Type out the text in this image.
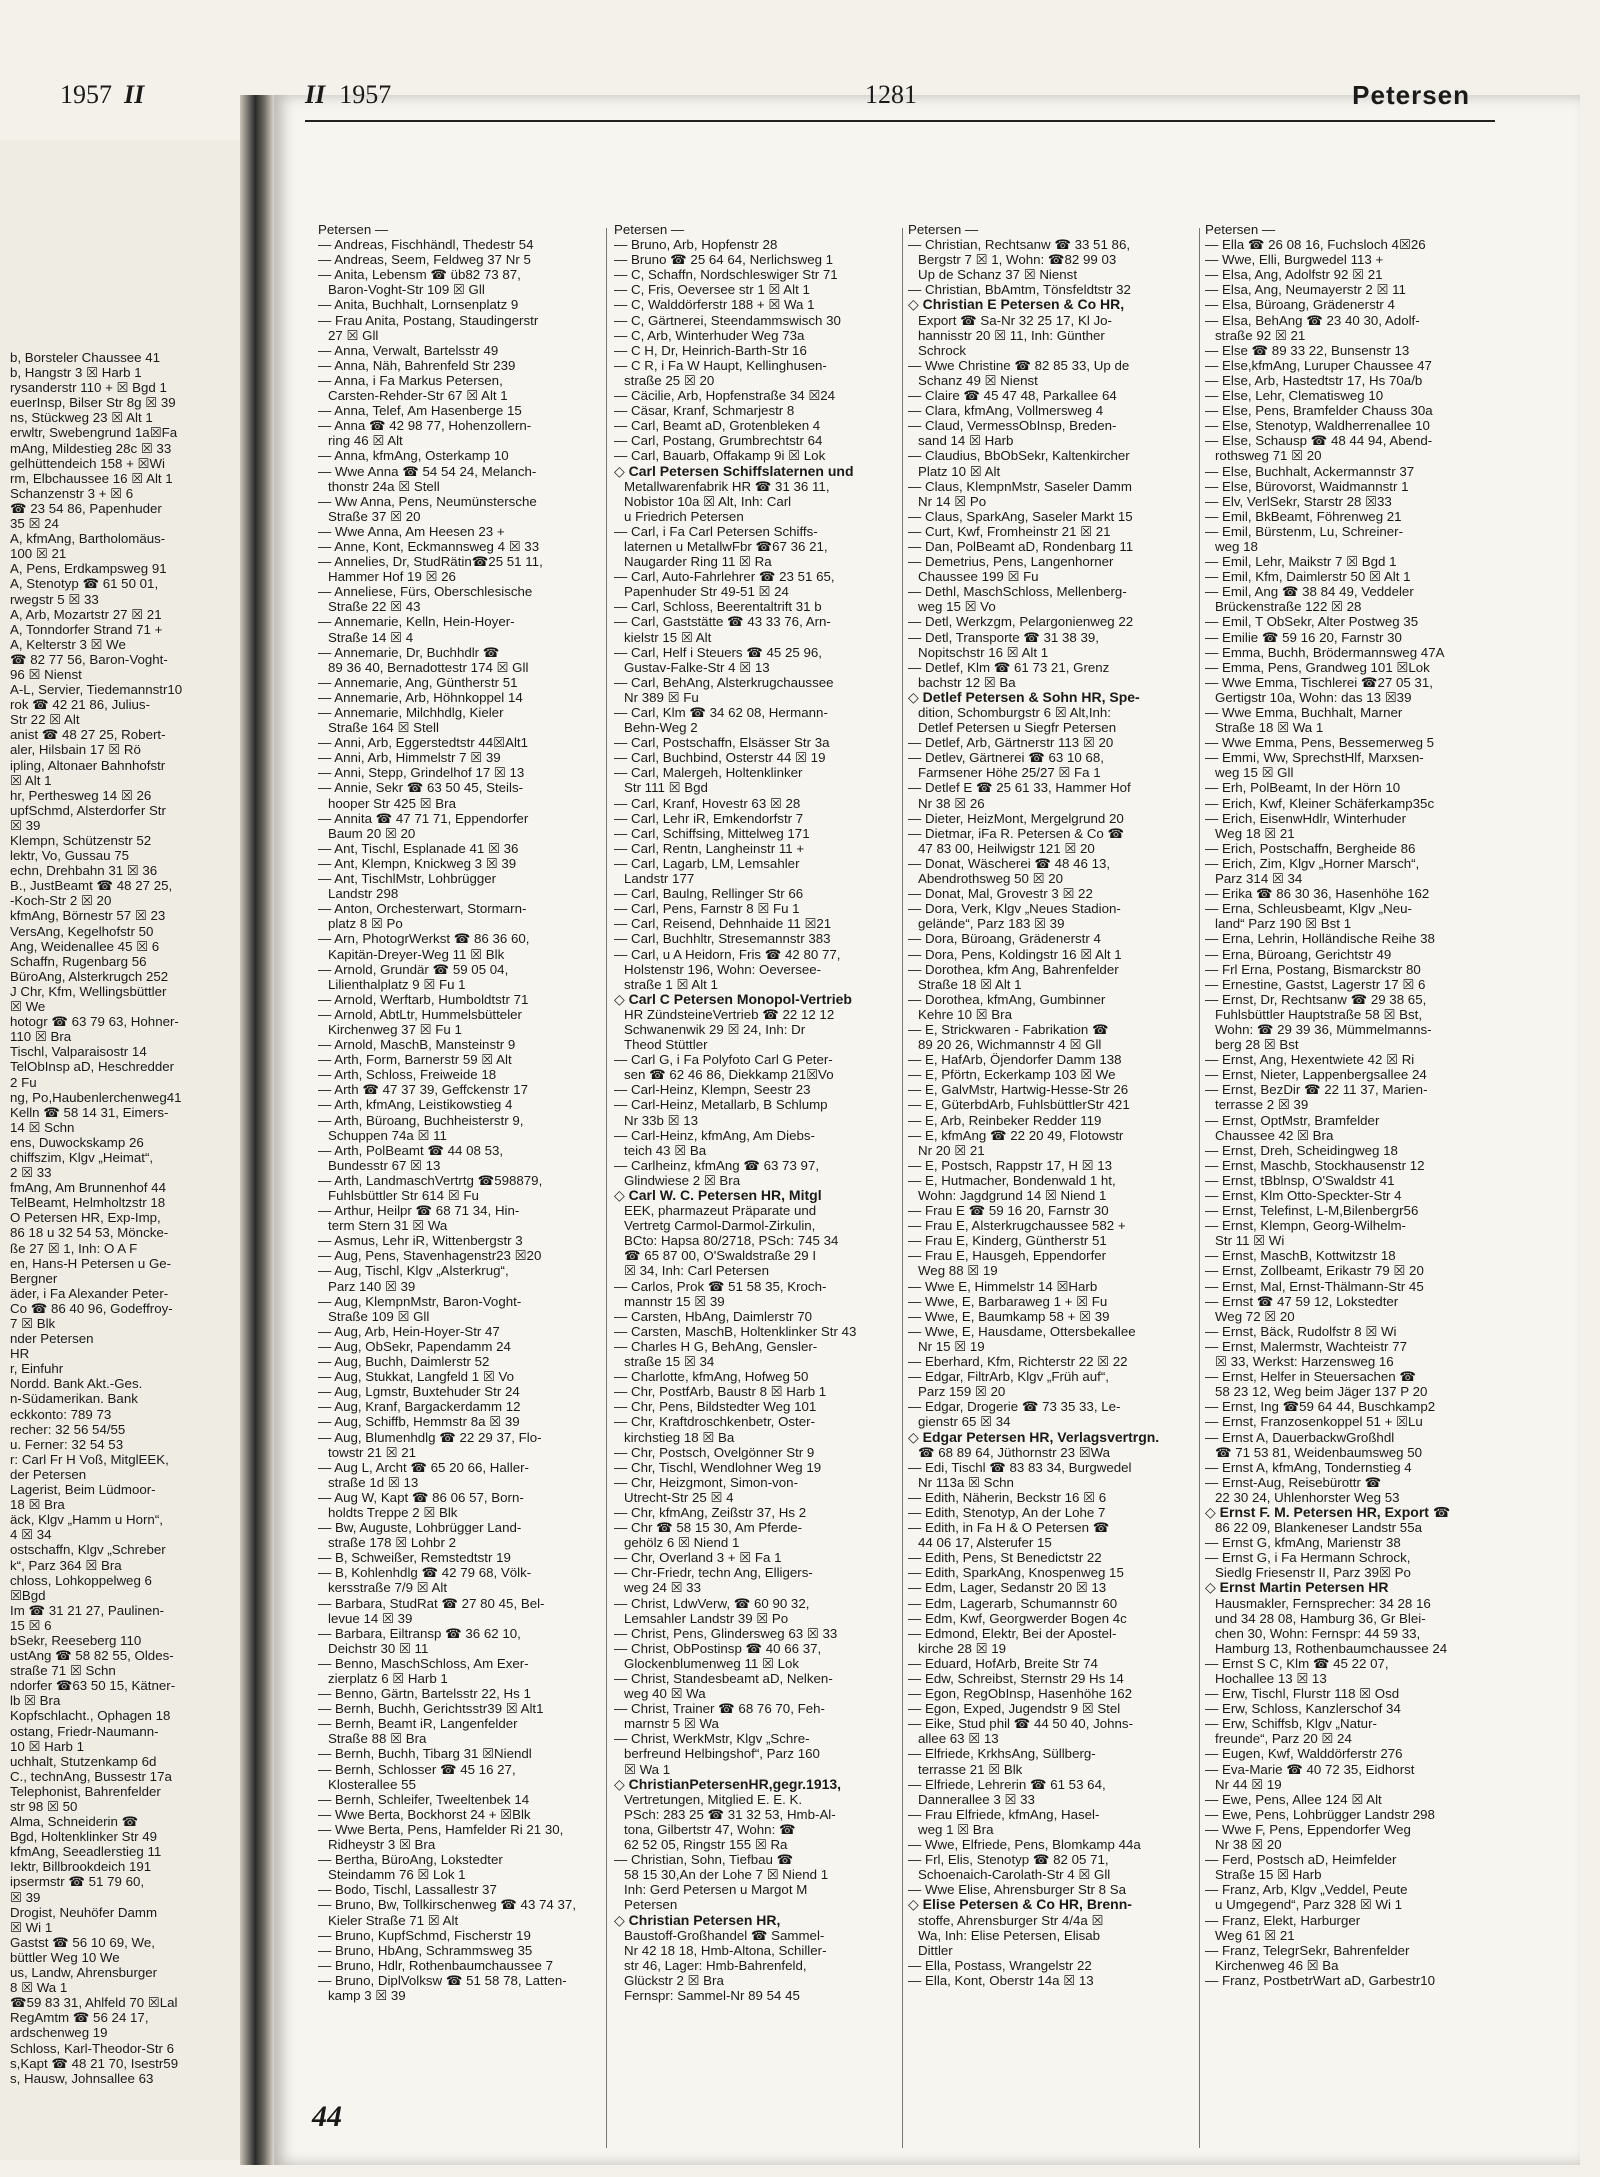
b, Borsteler Chaussee 41
b, Hangstr 3 ☒ Harb 1
rysanderstr 110 + ☒ Bgd 1
euerInsp, Bilser Str 8g ☒ 39
ns, Stückweg 23 ☒ Alt 1
erwltr, Swebengrund 1a☒Fa
mAng, Mildestieg 28c ☒ 33
gelhüttendeich 158 + ☒Wi
rm, Elbchaussee 16 ☒ Alt 1
Schanzenstr 3 + ☒ 6
☎ 23 54 86, Papenhuder
35 ☒ 24
A, kfmAng, Bartholomäus-
100 ☒ 21
A, Pens, Erdkampsweg 91
A, Stenotyp ☎ 61 50 01,
rwegstr 5 ☒ 33
A, Arb, Mozartstr 27 ☒ 21
A, Tonndorfer Strand 71 +
A, Kelterstr 3 ☒ We
☎ 82 77 56, Baron-Voght-
96 ☒ Nienst
A-L, Servier, Tiedemannstr10
rok ☎ 42 21 86, Julius-
Str 22 ☒ Alt
anist ☎ 48 27 25, Robert-
aler, Hilsbain 17 ☒ Rö
ipling, Altonaer Bahnhofstr
☒ Alt 1
hr, Perthesweg 14 ☒ 26
upfSchmd, Alsterdorfer Str
☒ 39
Klempn, Schützenstr 52
lektr, Vo, Gussau 75
echn, Drehbahn 31 ☒ 36
B., JustBeamt ☎ 48 27 25,
-Koch-Str 2 ☒ 20
kfmAng, Börnestr 57 ☒ 23
VersAng, Kegelhofstr 50
Ang, Weidenallee 45 ☒ 6
Schaffn, Rugenbarg 56
BüroAng, Alsterkrugch 252
J Chr, Kfm, Wellingsbüttler
☒ We
hotogr ☎ 63 79 63, Hohner-
110 ☒ Bra
Tischl, Valparaisostr 14
TelObInsp aD, Heschredder
2 Fu
ng, Po,Haubenlerchenweg41
Kelln ☎ 58 14 31, Eimers-
14 ☒ Schn
ens, Duwockskamp 26
chiffszim, Klgv „Heimat“,
2 ☒ 33
fmAng, Am Brunnenhof 44
TelBeamt, Helmholtzstr 18
O Petersen HR, Exp-Imp,
86 18 u 32 54 53, Möncke-
ße 27 ☒ 1, Inh: O A F
en, Hans-H Petersen u Ge-
Bergner
äder, i Fa Alexander Peter-
Co ☎ 86 40 96, Godeffroy-
7 ☒ Blk
nder Petersen
HR
r, Einfuhr
Nordd. Bank Akt.-Ges.
n-Südamerikan. Bank
eckkonto: 789 73
recher: 32 56 54/55
u. Ferner: 32 54 53
r: Carl Fr H Voß, MitglEEK,
der Petersen
Lagerist, Beim Lüdmoor-
18 ☒ Bra
äck, Klgv „Hamm u Horn“,
4 ☒ 34
ostschaffn, Klgv „Schreber
k“, Parz 364 ☒ Bra
chloss, Lohkoppelweg 6
☒Bgd
Im ☎ 31 21 27, Paulinen-
15 ☒ 6
bSekr, Reeseberg 110
ustAng ☎ 58 82 55, Oldes-
straße 71 ☒ Schn
ndorfer ☎63 50 15, Kätner-
lb ☒ Bra
Kopfschlacht., Ophagen 18
ostang, Friedr-Naumann-
10 ☒ Harb 1
uchhalt, Stutzenkamp 6d
C., technAng, Bussestr 17a
Telephonist, Bahrenfelder
str 98 ☒ 50
Alma, Schneiderin ☎
Bgd, Holtenklinker Str 49
kfmAng, Seeadlerstieg 11
Iektr, Billbrookdeich 191
ipsermstr ☎ 51 79 60,
☒ 39
Drogist, Neuhöfer Damm
☒ Wi 1
Gastst ☎ 56 10 69, We,
büttler Weg 10 We
us, Landw, Ahrensburger
8 ☒ Wa 1
☎59 83 31, Ahlfeld 70 ☒Lal
RegAmtm ☎ 56 24 17,
ardschenweg 19
Schloss, Karl-Theodor-Str 6
s,Kapt ☎ 48 21 70, Isestr59
s, Hausw, Johnsallee 63
1957 II	II 1957	1281	Petersen
Petersen —
— Andreas, Fischhändl, Thedestr 54
— Andreas, Seem, Feldweg 37 Nr 5
— Anita, Lebensm ☎ üb82 73 87,
Baron-Voght-Str 109 ☒ Gll
— Anita, Buchhalt, Lornsenplatz 9
— Frau Anita, Postang, Staudingerstr
27 ☒ Gll
— Anna, Verwalt, Bartelsstr 49
— Anna, Näh, Bahrenfeld Str 239
— Anna, i Fa Markus Petersen,
Carsten-Rehder-Str 67 ☒ Alt 1
— Anna, Telef, Am Hasenberge 15
— Anna ☎ 42 98 77, Hohenzollern-
ring 46 ☒ Alt
— Anna, kfmAng, Osterkamp 10
— Wwe Anna ☎ 54 54 24, Melanch-
thonstr 24a ☒ Stell
— Ww Anna, Pens, Neumünstersche
Straße 37 ☒ 20
— Wwe Anna, Am Heesen 23 +
— Anne, Kont, Eckmannsweg 4 ☒ 33
— Annelies, Dr, StudRätin☎25 51 11,
Hammer Hof 19 ☒ 26
— Anneliese, Fürs, Oberschlesische
Straße 22 ☒ 43
— Annemarie, Kelln, Hein-Hoyer-
Straße 14 ☒ 4
— Annemarie, Dr, Buchhdlr ☎
89 36 40, Bernadottestr 174 ☒ Gll
— Annemarie, Ang, Güntherstr 51
— Annemarie, Arb, Höhnkoppel 14
— Annemarie, Milchhdlg, Kieler
Straße 164 ☒ Stell
— Anni, Arb, Eggerstedtstr 44☒Alt1
— Anni, Arb, Himmelstr 7 ☒ 39
— Anni, Stepp, Grindelhof 17 ☒ 13
— Annie, Sekr ☎ 63 50 45, Steils-
hooper Str 425 ☒ Bra
— Annita ☎ 47 71 71, Eppendorfer
Baum 20 ☒ 20
— Ant, Tischl, Esplanade 41 ☒ 36
— Ant, Klempn, Knickweg 3 ☒ 39
— Ant, TischlMstr, Lohbrügger
Landstr 298
— Anton, Orchesterwart, Stormarn-
platz 8 ☒ Po
— Arn, PhotogrWerkst ☎ 86 36 60,
Kapitän-Dreyer-Weg 11 ☒ Blk
— Arnold, Grundär ☎ 59 05 04,
Lilienthalplatz 9 ☒ Fu 1
— Arnold, Werftarb, Humboldtstr 71
— Arnold, AbtLtr, Hummelsbütteler
Kirchenweg 37 ☒ Fu 1
— Arnold, MaschB, Mansteinstr 9
— Arth, Form, Barnerstr 59 ☒ Alt
— Arth, Schloss, Freiweide 18
— Arth ☎ 47 37 39, Geffckenstr 17
— Arth, kfmAng, Leistikowstieg 4
— Arth, Büroang, Buchheisterstr 9,
Schuppen 74a ☒ 11
— Arth, PolBeamt ☎ 44 08 53,
Bundesstr 67 ☒ 13
— Arth, LandmaschVertrtg ☎598879,
Fuhlsbüttler Str 614 ☒ Fu
— Arthur, Heilpr ☎ 68 71 34, Hin-
term Stern 31 ☒ Wa
— Asmus, Lehr iR, Wittenbergstr 3
— Aug, Pens, Stavenhagenstr23 ☒20
— Aug, Tischl, Klgv „Alsterkrug“,
Parz 140 ☒ 39
— Aug, KlempnMstr, Baron-Voght-
Straße 109 ☒ Gll
— Aug, Arb, Hein-Hoyer-Str 47
— Aug, ObSekr, Papendamm 24
— Aug, Buchh, Daimlerstr 52
— Aug, Stukkat, Langfeld 1 ☒ Vo
— Aug, Lgmstr, Buxtehuder Str 24
— Aug, Kranf, Bargackerdamm 12
— Aug, Schiffb, Hemmstr 8a ☒ 39
— Aug, Blumenhdlg ☎ 22 29 37, Flo-
towstr 21 ☒ 21
— Aug L, Archt ☎ 65 20 66, Haller-
straße 1d ☒ 13
— Aug W, Kapt ☎ 86 06 57, Born-
holdts Treppe 2 ☒ Blk
— Bw, Auguste, Lohbrügger Land-
straße 178 ☒ Lohbr 2
— B, Schweißer, Remstedtstr 19
— B, Kohlenhdlg ☎ 42 79 68, Völk-
kersstraße 7/9 ☒ Alt
— Barbara, StudRat ☎ 27 80 45, Bel-
levue 14 ☒ 39
— Barbara, Eiltransp ☎ 36 62 10,
Deichstr 30 ☒ 11
— Benno, MaschSchloss, Am Exer-
zierplatz 6 ☒ Harb 1
— Benno, Gärtn, Bartelsstr 22, Hs 1
— Bernh, Buchh, Gerichtsstr39 ☒ Alt1
— Bernh, Beamt iR, Langenfelder
Straße 88 ☒ Bra
— Bernh, Buchh, Tibarg 31 ☒Niendl
— Bernh, Schlosser ☎ 45 16 27,
Klosterallee 55
— Bernh, Schleifer, Tweeltenbek 14
— Wwe Berta, Bockhorst 24 + ☒Blk
— Wwe Berta, Pens, Hamfelder Ri 21 30,
Ridheystr 3 ☒ Bra
— Bertha, BüroAng, Lokstedter
Steindamm 76 ☒ Lok 1
— Bodo, Tischl, Lassallestr 37
— Bruno, Bw, Tollkirschenweg ☎ 43 74 37,
Kieler Straße 71 ☒ Alt
— Bruno, KupfSchmd, Fischerstr 19
— Bruno, HbAng, Schrammsweg 35
— Bruno, Hdlr, Rothenbaumchaussee 7
— Bruno, DiplVolksw ☎ 51 58 78, Latten-
kamp 3 ☒ 39
Petersen —
— Bruno, Arb, Hopfenstr 28
— Bruno ☎ 25 64 64, Nerlichsweg 1
— C, Schaffn, Nordschleswiger Str 71
— C, Fris, Oeversee str 1 ☒ Alt 1
— C, Walddörferstr 188 + ☒ Wa 1
— C, Gärtnerei, Steendammswisch 30
— C, Arb, Winterhuder Weg 73a
— C H, Dr, Heinrich-Barth-Str 16
— C R, i Fa W Haupt, Kellinghusen-
straße 25 ☒ 20
— Cäcilie, Arb, Hopfenstraße 34 ☒24
— Cäsar, Kranf, Schmarjestr 8
— Carl, Beamt aD, Grotenbleken 4
— Carl, Postang, Grumbrechtstr 64
— Carl, Bauarb, Offakamp 9i ☒ Lok
◇ Carl Petersen Schiffslaternen und
Metallwarenfabrik HR ☎ 31 36 11,
Nobistor 10a ☒ Alt, Inh: Carl
u Friedrich Petersen
— Carl, i Fa Carl Petersen Schiffs-
laternen u MetallwFbr ☎67 36 21,
Naugarder Ring 11 ☒ Ra
— Carl, Auto-Fahrlehrer ☎ 23 51 65,
Papenhuder Str 49-51 ☒ 24
— Carl, Schloss, Beerentaltrift 31 b
— Carl, Gaststätte ☎ 43 33 76, Arn-
kielstr 15 ☒ Alt
— Carl, Helf i Steuers ☎ 45 25 96,
Gustav-Falke-Str 4 ☒ 13
— Carl, BehAng, Alsterkrugchaussee
Nr 389 ☒ Fu
— Carl, Klm ☎ 34 62 08, Hermann-
Behn-Weg 2
— Carl, Postschaffn, Elsässer Str 3a
— Carl, Buchbind, Osterstr 44 ☒ 19
— Carl, Malergeh, Holtenklinker
Str 111 ☒ Bgd
— Carl, Kranf, Hovestr 63 ☒ 28
— Carl, Lehr iR, Emkendorfstr 7
— Carl, Schiffsing, Mittelweg 171
— Carl, Rentn, Langheinstr 11 +
— Carl, Lagarb, LM, Lemsahler
Landstr 177
— Carl, Baulng, Rellinger Str 66
— Carl, Pens, Farnstr 8 ☒ Fu 1
— Carl, Reisend, Dehnhaide 11 ☒21
— Carl, Buchhltr, Stresemannstr 383
— Carl, u A Heidorn, Fris ☎ 42 80 77,
Holstenstr 196, Wohn: Oeversee-
straße 1 ☒ Alt 1
◇ Carl C Petersen Monopol-Vertrieb
HR ZündsteineVertrieb ☎ 22 12 12
Schwanenwik 29 ☒ 24, Inh: Dr
Theod Stüttler
— Carl G, i Fa Polyfoto Carl G Peter-
sen ☎ 62 46 86, Diekkamp 21☒Vo
— Carl-Heinz, Klempn, Seestr 23
— Carl-Heinz, Metallarb, B Schlump
Nr 33b ☒ 13
— Carl-Heinz, kfmAng, Am Diebs-
teich 43 ☒ Ba
— Carlheinz, kfmAng ☎ 63 73 97,
Glindwiese 2 ☒ Bra
◇ Carl W. C. Petersen HR, Mitgl
EEK, pharmazeut Präparate und
Vertretg Carmol-Darmol-Zirkulin,
BCto: Hapsa 80/2718, PSch: 745 34
☎ 65 87 00, O'Swaldstraße 29 I
☒ 34, Inh: Carl Petersen
— Carlos, Prok ☎ 51 58 35, Kroch-
mannstr 15 ☒ 39
— Carsten, HbAng, Daimlerstr 70
— Carsten, MaschB, Holtenklinker Str 43
— Charles H G, BehAng, Gensler-
straße 15 ☒ 34
— Charlotte, kfmAng, Hofweg 50
— Chr, PostfArb, Baustr 8 ☒ Harb 1
— Chr, Pens, Bildstedter Weg 101
— Chr, Kraftdroschkenbetr, Oster-
kirchstieg 18 ☒ Ba
— Chr, Postsch, Ovelgönner Str 9
— Chr, Tischl, Wendlohner Weg 19
— Chr, Heizgmont, Simon-von-
Utrecht-Str 25 ☒ 4
— Chr, kfmAng, Zeißstr 37, Hs 2
— Chr ☎ 58 15 30, Am Pferde-
gehölz 6 ☒ Niend 1
— Chr, Overland 3 + ☒ Fa 1
— Chr-Friedr, techn Ang, Elligers-
weg 24 ☒ 33
— Christ, LdwVerw, ☎ 60 90 32,
Lemsahler Landstr 39 ☒ Po
— Christ, Pens, Glindersweg 63 ☒ 33
— Christ, ObPostinsp ☎ 40 66 37,
Glockenblumenweg 11 ☒ Lok
— Christ, Standesbeamt aD, Nelken-
weg 40 ☒ Wa
— Christ, Trainer ☎ 68 76 70, Feh-
marnstr 5 ☒ Wa
— Christ, WerkMstr, Klgv „Schre-
berfreund Helbingshof“, Parz 160
☒ Wa 1
◇ ChristianPetersenHR,gegr.1913,
Vertretungen, Mitglied E. E. K.
PSch: 283 25 ☎ 31 32 53, Hmb-Al-
tona, Gilbertstr 47, Wohn: ☎
62 52 05, Ringstr 155 ☒ Ra
— Christian, Sohn, Tiefbau ☎
58 15 30,An der Lohe 7 ☒ Niend 1
Inh: Gerd Petersen u Margot M
Petersen
◇ Christian Petersen HR,
Baustoff-Großhandel ☎ Sammel-
Nr 42 18 18, Hmb-Altona, Schiller-
str 46, Lager: Hmb-Bahrenfeld,
Glückstr 2 ☒ Bra
Fernspr: Sammel-Nr 89 54 45
Petersen —
— Christian, Rechtsanw ☎ 33 51 86,
Bergstr 7 ☒ 1, Wohn: ☎82 99 03
Up de Schanz 37 ☒ Nienst
— Christian, BbAmtm, Tönsfeldtstr 32
◇ Christian E Petersen & Co HR,
Export ☎ Sa-Nr 32 25 17, Kl Jo-
hannisstr 20 ☒ 11, Inh: Günther
Schrock
— Wwe Christine ☎ 82 85 33, Up de
Schanz 49 ☒ Nienst
— Claire ☎ 45 47 48, Parkallee 64
— Clara, kfmAng, Vollmersweg 4
— Claud, VermessObInsp, Breden-
sand 14 ☒ Harb
— Claudius, BbObSekr, Kaltenkircher
Platz 10 ☒ Alt
— Claus, KlempnMstr, Saseler Damm
Nr 14 ☒ Po
— Claus, SparkAng, Saseler Markt 15
— Curt, Kwf, Fromheinstr 21 ☒ 21
— Dan, PolBeamt aD, Rondenbarg 11
— Demetrius, Pens, Langenhorner
Chaussee 199 ☒ Fu
— Dethl, MaschSchloss, Mellenberg-
weg 15 ☒ Vo
— Detl, Werkzgm, Pelargonienweg 22
— Detl, Transporte ☎ 31 38 39,
Nopitschstr 16 ☒ Alt 1
— Detlef, Klm ☎ 61 73 21, Grenz
bachstr 12 ☒ Ba
◇ Detlef Petersen & Sohn HR, Spe-
dition, Schomburgstr 6 ☒ Alt,Inh:
Detlef Petersen u Siegfr Petersen
— Detlef, Arb, Gärtnerstr 113 ☒ 20
— Detlev, Gärtnerei ☎ 63 10 68,
Farmsener Höhe 25/27 ☒ Fa 1
— Detlef E ☎ 25 61 33, Hammer Hof
Nr 38 ☒ 26
— Dieter, HeizMont, Mergelgrund 20
— Dietmar, iFa R. Petersen & Co ☎
47 83 00, Heilwigstr 121 ☒ 20
— Donat, Wäscherei ☎ 48 46 13,
Abendrothsweg 50 ☒ 20
— Donat, Mal, Grovestr 3 ☒ 22
— Dora, Verk, Klgv „Neues Stadion-
gelände“, Parz 183 ☒ 39
— Dora, Büroang, Grädenerstr 4
— Dora, Pens, Koldingstr 16 ☒ Alt 1
— Dorothea, kfm Ang, Bahrenfelder
Straße 18 ☒ Alt 1
— Dorothea, kfmAng, Gumbinner
Kehre 10 ☒ Bra
— E, Strickwaren - Fabrikation ☎
89 20 26, Wichmannstr 4 ☒ Gll
— E, HafArb, Öjendorfer Damm 138
— E, Pförtn, Eckerkamp 103 ☒ We
— E, GalvMstr, Hartwig-Hesse-Str 26
— E, GüterbdArb, FuhlsbüttlerStr 421
— E, Arb, Reinbeker Redder 119
— E, kfmAng ☎ 22 20 49, Flotowstr
Nr 20 ☒ 21
— E, Postsch, Rappstr 17, H ☒ 13
— E, Hutmacher, Bondenwald 1 ht,
Wohn: Jagdgrund 14 ☒ Niend 1
— Frau E ☎ 59 16 20, Farnstr 30
— Frau E, Alsterkrugchaussee 582 +
— Frau E, Kinderg, Güntherstr 51
— Frau E, Hausgeh, Eppendorfer
Weg 88 ☒ 19
— Wwe E, Himmelstr 14 ☒Harb
— Wwe, E, Barbaraweg 1 + ☒ Fu
— Wwe, E, Baumkamp 58 + ☒ 39
— Wwe, E, Hausdame, Ottersbekallee
Nr 15 ☒ 19
— Eberhard, Kfm, Richterstr 22 ☒ 22
— Edgar, FiltrArb, Klgv „Früh auf“,
Parz 159 ☒ 20
— Edgar, Drogerie ☎ 73 35 33, Le-
gienstr 65 ☒ 34
◇ Edgar Petersen HR, Verlagsvertrgn.
☎ 68 89 64, Jüthornstr 23 ☒Wa
— Edi, Tischl ☎ 83 83 34, Burgwedel
Nr 113a ☒ Schn
— Edith, Näherin, Beckstr 16 ☒ 6
— Edith, Stenotyp, An der Lohe 7
— Edith, in Fa H & O Petersen ☎
44 06 17, Alsterufer 15
— Edith, Pens, St Benedictstr 22
— Edith, SparkAng, Knospenweg 15
— Edm, Lager, Sedanstr 20 ☒ 13
— Edm, Lagerarb, Schumannstr 60
— Edm, Kwf, Georgwerder Bogen 4c
— Edmond, Elektr, Bei der Apostel-
kirche 28 ☒ 19
— Eduard, HofArb, Breite Str 74
— Edw, Schreibst, Sternstr 29 Hs 14
— Egon, RegObInsp, Hasenhöhe 162
— Egon, Exped, Jugendstr 9 ☒ Stel
— Eike, Stud phil ☎ 44 50 40, Johns-
allee 63 ☒ 13
— Elfriede, KrkhsAng, Süllberg-
terrasse 21 ☒ Blk
— Elfriede, Lehrerin ☎ 61 53 64,
Dannerallee 3 ☒ 33
— Frau Elfriede, kfmAng, Hasel-
weg 1 ☒ Bra
— Wwe, Elfriede, Pens, Blomkamp 44a
— Frl, Elis, Stenotyp ☎ 82 05 71,
Schoenaich-Carolath-Str 4 ☒ Gll
— Wwe Elise, Ahrensburger Str 8 Sa
◇ Elise Petersen & Co HR, Brenn-
stoffe, Ahrensburger Str 4/4a ☒
Wa, Inh: Elise Petersen, Elisab
Dittler
— Ella, Postass, Wrangelstr 22
— Ella, Kont, Oberstr 14a ☒ 13
Petersen —
— Ella ☎ 26 08 16, Fuchsloch 4☒26
— Wwe, Elli, Burgwedel 113 +
— Elsa, Ang, Adolfstr 92 ☒ 21
— Elsa, Ang, Neumayerstr 2 ☒ 11
— Elsa, Büroang, Grädenerstr 4
— Elsa, BehAng ☎ 23 40 30, Adolf-
straße 92 ☒ 21
— Else ☎ 89 33 22, Bunsenstr 13
— Else,kfmAng, Luruper Chaussee 47
— Else, Arb, Hastedtstr 17, Hs 70a/b
— Else, Lehr, Clematisweg 10
— Else, Pens, Bramfelder Chauss 30a
— Else, Stenotyp, Waldherrenallee 10
— Else, Schausp ☎ 48 44 94, Abend-
rothsweg 71 ☒ 20
— Else, Buchhalt, Ackermannstr 37
— Else, Bürovorst, Waidmannstr 1
— Elv, VerlSekr, Starstr 28 ☒33
— Emil, BkBeamt, Föhrenweg 21
— Emil, Bürstenm, Lu, Schreiner-
weg 18
— Emil, Lehr, Maikstr 7 ☒ Bgd 1
— Emil, Kfm, Daimlerstr 50 ☒ Alt 1
— Emil, Ang ☎ 38 84 49, Veddeler
Brückenstraße 122 ☒ 28
— Emil, T ObSekr, Alter Postweg 35
— Emilie ☎ 59 16 20, Farnstr 30
— Emma, Buchh, Brödermannsweg 47A
— Emma, Pens, Grandweg 101 ☒Lok
— Wwe Emma, Tischlerei ☎27 05 31,
Gertigstr 10a, Wohn: das 13 ☒39
— Wwe Emma, Buchhalt, Marner
Straße 18 ☒ Wa 1
— Wwe Emma, Pens, Bessemerweg 5
— Emmi, Ww, SprechstHlf, Marxsen-
weg 15 ☒ Gll
— Erh, PolBeamt, In der Hörn 10
— Erich, Kwf, Kleiner Schäferkamp35c
— Erich, EisenwHdlr, Winterhuder
Weg 18 ☒ 21
— Erich, Postschaffn, Bergheide 86
— Erich, Zim, Klgv „Horner Marsch“,
Parz 314 ☒ 34
— Erika ☎ 86 30 36, Hasenhöhe 162
— Erna, Schleusbeamt, Klgv „Neu-
land“ Parz 190 ☒ Bst 1
— Erna, Lehrin, Holländische Reihe 38
— Erna, Büroang, Gerichtstr 49
— Frl Erna, Postang, Bismarckstr 80
— Ernestine, Gastst, Lagerstr 17 ☒ 6
— Ernst, Dr, Rechtsanw ☎ 29 38 65,
Fuhlsbüttler Hauptstraße 58 ☒ Bst,
Wohn: ☎ 29 39 36, Mümmelmanns-
berg 28 ☒ Bst
— Ernst, Ang, Hexentwiete 42 ☒ Ri
— Ernst, Nieter, Lappenbergsallee 24
— Ernst, BezDir ☎ 22 11 37, Marien-
terrasse 2 ☒ 39
— Ernst, OptMstr, Bramfelder
Chaussee 42 ☒ Bra
— Ernst, Dreh, Scheidingweg 18
— Ernst, Maschb, Stockhausenstr 12
— Ernst, tBblnsp, O'Swaldstr 41
— Ernst, Klm Otto-Speckter-Str 4
— Ernst, Telefinst, L-M,Bilenbergr56
— Ernst, Klempn, Georg-Wilhelm-
Str 11 ☒ Wi
— Ernst, MaschB, Kottwitzstr 18
— Ernst, Zollbeamt, Erikastr 79 ☒ 20
— Ernst, Mal, Ernst-Thälmann-Str 45
— Ernst ☎ 47 59 12, Lokstedter
Weg 72 ☒ 20
— Ernst, Bäck, Rudolfstr 8 ☒ Wi
— Ernst, Malermstr, Wachteistr 77
☒ 33, Werkst: Harzensweg 16
— Ernst, Helfer in Steuersachen ☎
58 23 12, Weg beim Jäger 137 P 20
— Ernst, Ing ☎59 64 44, Buschkamp2
— Ernst, Franzosenkoppel 51 + ☒Lu
— Ernst A, DauerbackwGroßhdl
☎ 71 53 81, Weidenbaumsweg 50
— Ernst A, kfmAng, Tondernstieg 4
— Ernst-Aug, Reisebürottr ☎
22 30 24, Uhlenhorster Weg 53
◇ Ernst F. M. Petersen HR, Export ☎
86 22 09, Blankeneser Landstr 55a
— Ernst G, kfmAng, Marienstr 38
— Ernst G, i Fa Hermann Schrock,
Siedlg Friesenstr II, Parz 39☒ Po
◇ Ernst Martin Petersen HR
Hausmakler, Fernsprecher: 34 28 16
und 34 28 08, Hamburg 36, Gr Blei-
chen 30, Wohn: Fernspr: 44 59 33,
Hamburg 13, Rothenbaumchaussee 24
— Ernst S C, Klm ☎ 45 22 07,
Hochallee 13 ☒ 13
— Erw, Tischl, Flurstr 118 ☒ Osd
— Erw, Schloss, Kanzlerschof 34
— Erw, Schiffsb, Klgv „Natur-
freunde“, Parz 20 ☒ 24
— Eugen, Kwf, Walddörferstr 276
— Eva-Marie ☎ 40 72 35, Eidhorst
Nr 44 ☒ 19
— Ewe, Pens, Allee 124 ☒ Alt
— Ewe, Pens, Lohbrügger Landstr 298
— Wwe F, Pens, Eppendorfer Weg
Nr 38 ☒ 20
— Ferd, Postsch aD, Heimfelder
Straße 15 ☒ Harb
— Franz, Arb, Klgv „Veddel, Peute
u Umgegend“, Parz 328 ☒ Wi 1
— Franz, Elekt, Harburger
Weg 61 ☒ 21
— Franz, TelegrSekr, Bahrenfelder
Kirchenweg 46 ☒ Ba
— Franz, PostbetrWart aD, Garbestr10
44
